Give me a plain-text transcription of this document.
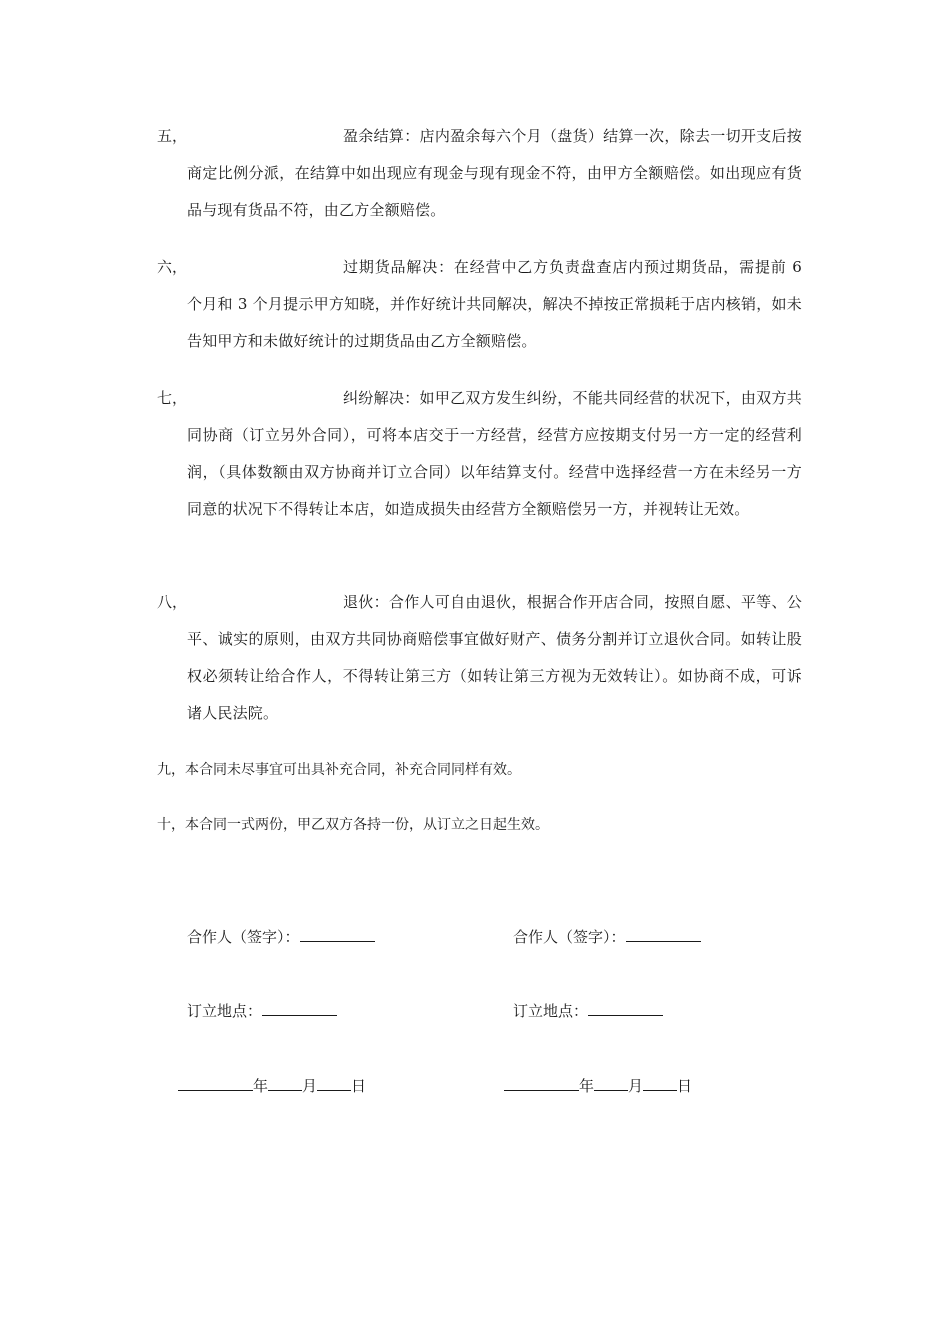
五，	盈余结算：店内盈余每六个月（盘货）结算一次，除去一切开支后按商定比例分派，在结算中如出现应有现金与现有现金不符，由甲方全额赔偿。如出现应有货品与现有货品不符，由乙方全额赔偿。
六，	过期货品解决：在经营中乙方负责盘查店内预过期货品，需提前 6 个月和 3 个月提示甲方知晓，并作好统计共同解决，解决不掉按正常损耗于店内核销，如未告知甲方和未做好统计的过期货品由乙方全额赔偿。
七，	纠纷解决：如甲乙双方发生纠纷，不能共同经营的状况下，由双方共同协商（订立另外合同），可将本店交于一方经营，经营方应按期支付另一方一定的经营利润，（具体数额由双方协商并订立合同）以年结算支付。经营中选择经营一方在未经另一方同意的状况下不得转让本店，如造成损失由经营方全额赔偿另一方，并视转让无效。
八，	退伙：合作人可自由退伙，根据合作开店合同，按照自愿、平等、公平、诚实的原则，由双方共同协商赔偿事宜做好财产、债务分割并订立退伙合同。如转让股权必须转让给合作人，不得转让第三方（如转让第三方视为无效转让）。如协商不成，可诉诸人民法院。
九，本合同未尽事宜可出具补充合同，补充合同同样有效。
十，本合同一式两份，甲乙双方各持一份，从订立之日起生效。
合作人（签字）：
订立地点：
年 月 日
合作人（签字）：
订立地点：
年 月 日
